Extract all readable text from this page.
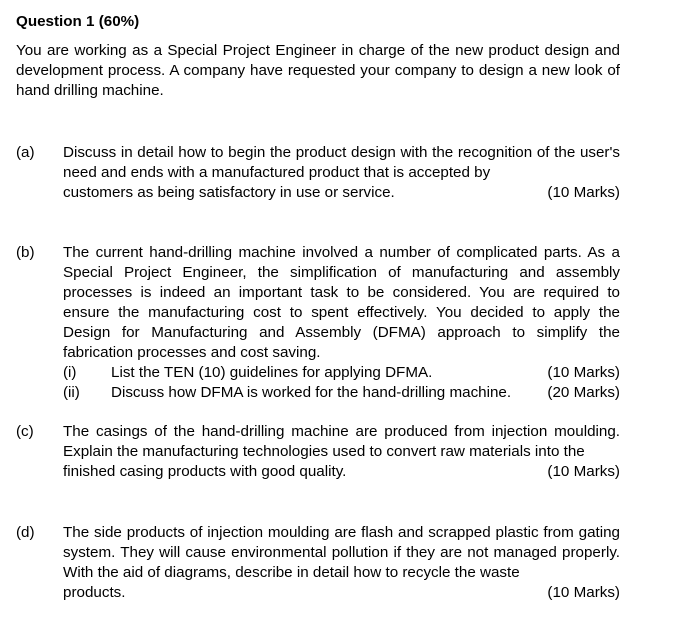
Question 1 (60%)
You are working as a Special Project Engineer in charge of the new product design and development process. A company have requested your company to design a new look of hand drilling machine.
(a) Discuss in detail how to begin the product design with the recognition of the user's need and ends with a manufactured product that is accepted by
customers as being satisfactory in use or service.	(10 Marks)
(b) The current hand-drilling machine involved a number of complicated parts. As a Special Project Engineer, the simplification of manufacturing and assembly processes is indeed an important task to be considered. You are required to ensure the manufacturing cost to spent effectively. You decided to apply the Design for Manufacturing and Assembly (DFMA) approach to simplify the fabrication processes and cost saving.
(i)	List the TEN (10) guidelines for applying DFMA.	(10 Marks)
(ii)	Discuss how DFMA is worked for the hand-drilling machine. (20 Marks)
(c) The casings of the hand-drilling machine are produced from injection moulding. Explain the manufacturing technologies used to convert raw materials into the
finished casing products with good quality.	(10 Marks)
(d) The side products of injection moulding are flash and scrapped plastic from gating system. They will cause environmental pollution if they are not managed properly. With the aid of diagrams, describe in detail how to recycle the waste
products.	(10 Marks)
